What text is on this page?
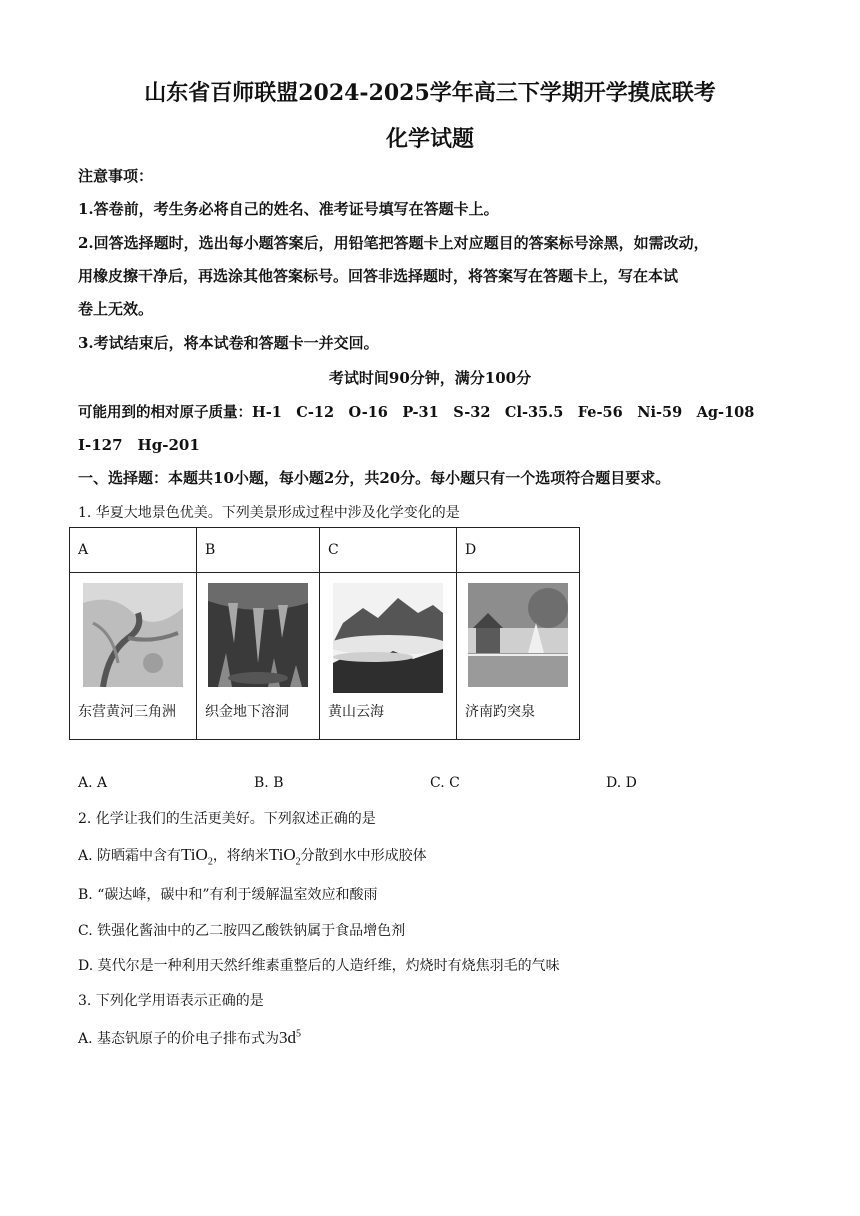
山东省百师联盟2024-2025学年高三下学期开学摸底联考
化学试题
注意事项：
1.答卷前，考生务必将自己的姓名、准考证号填写在答题卡上。
2.回答选择题时，选出每小题答案后，用铅笔把答题卡上对应题目的答案标号涂黑，如需改动，
用橡皮擦干净后，再选涂其他答案标号。回答非选择题时，将答案写在答题卡上，写在本试
卷上无效。
3.考试结束后，将本试卷和答题卡一并交回。
考试时间90分钟，满分100分
可能用到的相对原子质量：H-1　C-12　O-16　P-31　S-32　Cl-35.5　Fe-56　Ni-59　Ag-108
I-127　Hg-201
一、选择题：本题共10小题，每小题2分，共20分。每小题只有一个选项符合题目要求。
1. 华夏大地景色优美。下列美景形成过程中涉及化学变化的是
A	B	C	D

东营黄河三角洲	织金地下溶洞	黄山云海	济南趵突泉
A. A	B. B	C. C	D. D
2. 化学让我们的生活更美好。下列叙述正确的是
A. 防晒霜中含有TiO$_2$，将纳米TiO$_2$分散到水中形成胶体
B. “碳达峰，碳中和”有利于缓解温室效应和酸雨
C. 铁强化酱油中的乙二胺四乙酸铁钠属于食品增色剂
D. 莫代尔是一种利用天然纤维素重整后的人造纤维，灼烧时有烧焦羽毛的气味
3. 下列化学用语表示正确的是
A. 基态钒原子的价电子排布式为$3d^5$
